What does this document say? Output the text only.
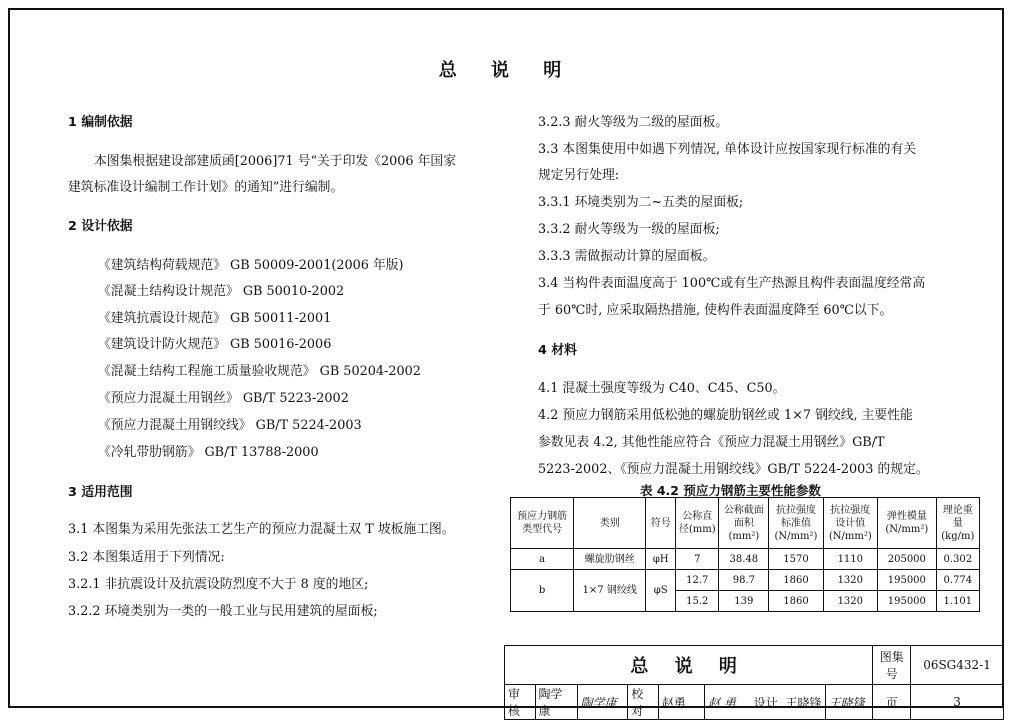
总 说 明
1 编制依据
本图集根据建设部建质函[2006]71 号“关于印发《2006 年国家
建筑标准设计编制工作计划》的通知”进行编制。
2 设计依据
《建筑结构荷载规范》 GB 50009-2001(2006 年版)
《混凝土结构设计规范》 GB 50010-2002
《建筑抗震设计规范》 GB 50011-2001
《建筑设计防火规范》 GB 50016-2006
《混凝土结构工程施工质量验收规范》 GB 50204-2002
《预应力混凝土用钢丝》 GB/T 5223-2002
《预应力混凝土用钢绞线》 GB/T 5224-2003
《冷轧带肋钢筋》 GB/T 13788-2000
3 适用范围
3.1 本图集为采用先张法工艺生产的预应力混凝土双 T 坡板施工图。
3.2 本图集适用于下列情况:
3.2.1 非抗震设计及抗震设防烈度不大于 8 度的地区;
3.2.2 环境类别为一类的一般工业与民用建筑的屋面板;
3.2.3 耐火等级为二级的屋面板。
3.3 本图集使用中如遇下列情况, 单体设计应按国家现行标准的有关
规定另行处理:
3.3.1 环境类别为二~五类的屋面板;
3.3.2 耐火等级为一级的屋面板;
3.3.3 需做振动计算的屋面板。
3.4 当构件表面温度高于 100℃或有生产热源且构件表面温度经常高
于 60℃时, 应采取隔热措施, 使构件表面温度降至 60℃以下。
4 材料
4.1 混凝土强度等级为 C40、C45、C50。
4.2 预应力钢筋采用低松弛的螺旋肋钢丝或 1×7 钢绞线, 主要性能
参数见表 4.2, 其他性能应符合《预应力混凝土用钢丝》GB/T
5223-2002、《预应力混凝土用钢绞线》GB/T 5224-2003 的规定。
表 4.2 预应力钢筋主要性能参数
预应力钢筋类型代号	类别	符号	公称直径(mm)	公称截面面积(mm²)	抗拉强度标准值(N/mm²)	抗拉强度设计值(N/mm²)	弹性模量(N/mm²)	理论重量(kg/m)
a	螺旋肋钢丝	φH	7	38.48	1570	1110	205000	0.302
b	1×7 钢绞线	φS	12.7	98.7	1860	1320	195000	0.774
			15.2	139	1860	1320	195000	1.101
总 说 明							图集号	06SG432-1
审核	陶学康	陶学康	校对	赵勇	赵 勇 设计 王晓锋	王晓锋	页	3
